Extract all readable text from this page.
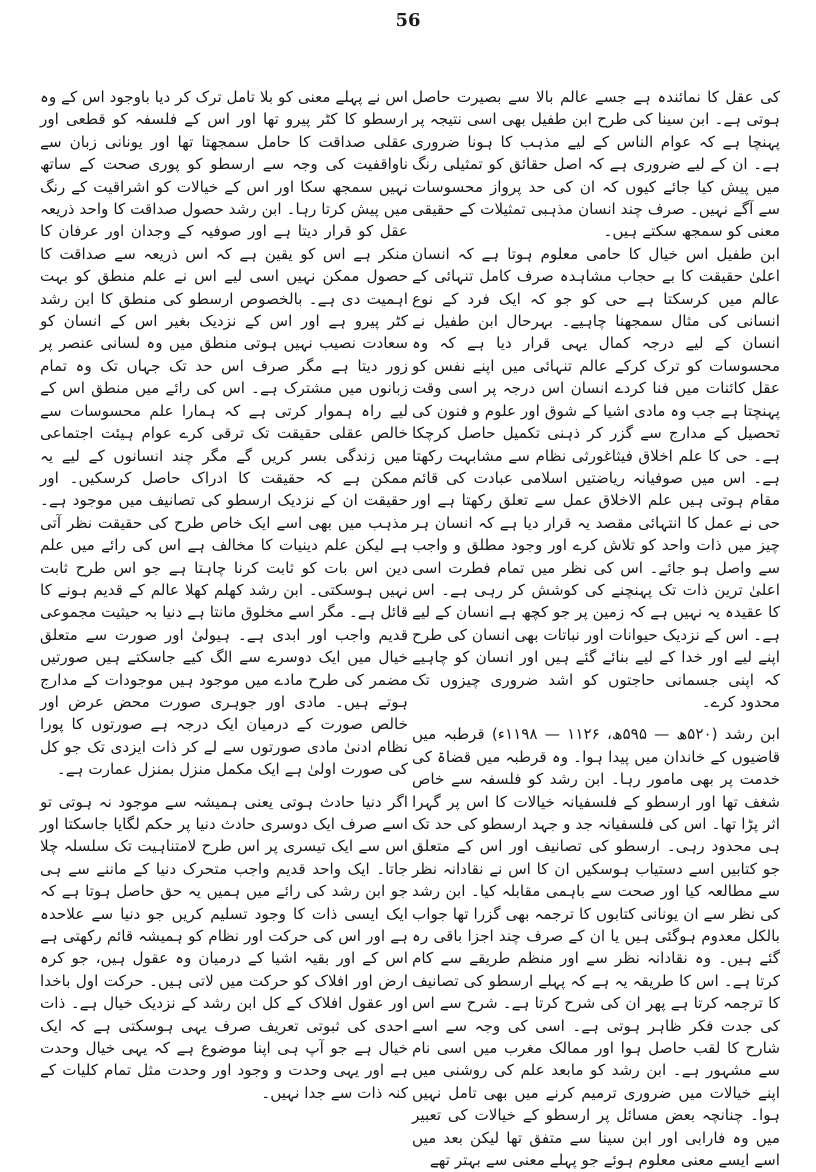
56

کی عقل کا نمائندہ ہے جسے عالم بالا سے بصیرت حاصل ہوتی ہے۔ ابن سینا کی طرح ابن طفیل بھی اسی نتیجہ پر پہنچا ہے کہ عوام الناس کے لیے مذہب کا ہونا ضروری ہے۔ ان کے لیے ضروری ہے کہ اصل حقائق کو تمثیلی رنگ میں پیش کیا جائے کیوں کہ ان کی حد پرواز محسوسات سے آگے نہیں۔ صرف چند انسان مذہبی تمثیلات کے حقیقی معنی کو سمجھ سکتے ہیں۔

ابن طفیل اس خیال کا حامی معلوم ہوتا ہے کہ انسان اعلیٰ حقیقت کا بے حجاب مشاہدہ صرف کامل تنہائی کے عالم میں کرسکتا ہے حی کو جو کہ ایک فرد کے نوع انسانی کی مثال سمجھنا چاہیے۔ بہرحال ابن طفیل نے انسان کے لیے درجہ کمال یہی قرار دیا ہے کہ وہ محسوسات کو ترک کرکے عالم تنہائی میں اپنے نفس کو عقل کائنات میں فنا کردے انسان اس درجہ پر اسی وقت پہنچتا ہے جب وہ مادی اشیا کے شوق اور علوم و فنون کی تحصیل کے مدارج سے گزر کر ذہنی تکمیل حاصل کرچکا ہے۔ حی کا علم اخلاق فیثاغورثی نظام سے مشابہت رکھتا ہے۔ اس میں صوفیانہ ریاضتیں اسلامی عبادت کی قائم مقام ہوتی ہیں علم الاخلاق عمل سے تعلق رکھتا ہے اور حی نے عمل کا انتہائی مقصد یہ قرار دیا ہے کہ انسان ہر چیز میں ذات واحد کو تلاش کرے اور وجود مطلق و واجب سے واصل ہو جائے۔ اس کی نظر میں تمام فطرت اسی اعلیٰ ترین ذات تک پہنچنے کی کوشش کر رہی ہے۔ اس کا عقیدہ یہ نہیں ہے کہ زمین پر جو کچھ ہے انسان کے لیے ہے۔ اس کے نزدیک حیوانات اور نباتات بھی انسان کی طرح اپنے لیے اور خدا کے لیے بنائے گئے ہیں اور انسان کو چاہیے کہ اپنی جسمانی حاجتوں کو اشد ضروری چیزوں تک محدود کرے۔

ابن رشد (۵۲۰ھ — ۵۹۵ھ، ۱۱۲۶ — ۱۱۹۸ء) قرطبہ میں قاضیوں کے خاندان میں پیدا ہوا۔ وہ قرطبہ میں قضاۃ کی خدمت پر بھی مامور رہا۔ ابن رشد کو فلسفہ سے خاص شغف تھا اور ارسطو کے فلسفیانہ خیالات کا اس پر گہرا اثر پڑا تھا۔ اس کی فلسفیانہ جد و جہد ارسطو کی حد تک ہی محدود رہی۔ ارسطو کی تصانیف اور اس کے متعلق جو کتابیں اسے دستیاب ہوسکیں ان کا اس نے نقادانہ نظر سے مطالعہ کیا اور صحت سے باہمی مقابلہ کیا۔ ابن رشد کی نظر سے ان یونانی کتابوں کا ترجمہ بھی گزرا تھا جواب بالکل معدوم ہوگئی ہیں یا ان کے صرف چند اجزا باقی رہ گئے ہیں۔ وہ نقادانہ نظر سے اور منظم طریقے سے کام کرتا ہے۔ اس کا طریقہ یہ ہے کہ پہلے ارسطو کی تصانیف کا ترجمہ کرتا ہے پھر ان کی شرح کرتا ہے۔ شرح سے اس کی جدت فکر ظاہر ہوتی ہے۔ اسی کی وجہ سے اسے شارح کا لقب حاصل ہوا اور ممالک مغرب میں اسی نام سے مشہور ہے۔ ابن رشد کو مابعد علم کی روشنی میں اپنے خیالات میں ضروری ترمیم کرنے میں بھی تامل نہیں ہوا۔ چنانچہ بعض مسائل پر ارسطو کے خیالات کی تعبیر میں وہ فارابی اور ابن سینا سے متفق تھا لیکن بعد میں اسے ایسے معنی معلوم ہوئے جو پہلے معنی سے بہتر تھے

اس نے پہلے معنی کو بلا تامل ترک کر دیا باوجود اس کے وہ ارسطو کا کٹر پیرو تھا اور اس کے فلسفہ کو قطعی اور عقلی صداقت کا حامل سمجھتا تھا اور یونانی زبان سے ناواقفیت کی وجہ سے ارسطو کو پوری صحت کے ساتھ نہیں سمجھ سکا اور اس کے خیالات کو اشراقیت کے رنگ میں پیش کرتا رہا۔ ابن رشد حصول صداقت کا واحد ذریعہ عقل کو قرار دیتا ہے اور صوفیہ کے وجدان اور عرفان کا منکر ہے اس کو یقین ہے کہ اس ذریعہ سے صداقت کا حصول ممکن نہیں اسی لیے اس نے علم منطق کو بہت اہمیت دی ہے۔ بالخصوص ارسطو کی منطق کا ابن رشد کٹر پیرو ہے اور اس کے نزدیک بغیر اس کے انسان کو سعادت نصیب نہیں ہوتی منطق میں وہ لسانی عنصر پر زور دیتا ہے مگر صرف اس حد تک جہاں تک وہ تمام زبانوں میں مشترک ہے۔ اس کی رائے میں منطق اس کے لیے راہ ہموار کرتی ہے کہ ہمارا علم محسوسات سے خالص عقلی حقیقت تک ترقی کرے عوام ہیئت اجتماعی میں زندگی بسر کریں گے مگر چند انسانوں کے لیے یہ ممکن ہے کہ حقیقت کا ادراک حاصل کرسکیں۔ اور حقیقت ان کے نزدیک ارسطو کی تصانیف میں موجود ہے۔ مذہب میں بھی اسے ایک خاص طرح کی حقیقت نظر آتی ہے لیکن علم دینیات کا مخالف ہے اس کی رائے میں علم دین اس بات کو ثابت کرنا چاہتا ہے جو اس طرح ثابت نہیں ہوسکتی۔ ابن رشد کھلم کھلا عالم کے قدیم ہونے کا قائل ہے۔ مگر اسے مخلوق مانتا ہے دنیا بہ حیثیت مجموعی قدیم واجب اور ابدی ہے۔ ہیولیٰ اور صورت سے متعلق خیال میں ایک دوسرے سے الگ کیے جاسکتے ہیں صورتیں مضمر کی طرح مادے میں موجود ہیں موجودات کے مدارج ہوتے ہیں۔ مادی اور جوہری صورت محض عرض اور خالص صورت کے درمیان ایک درجہ ہے صورتوں کا پورا نظام ادنیٰ مادی صورتوں سے لے کر ذات ایزدی تک جو کل کی صورت اولیٰ ہے ایک مکمل منزل بمنزل عمارت ہے۔

اگر دنیا حادث ہوتی یعنی ہمیشہ سے موجود نہ ہوتی تو اسے صرف ایک دوسری حادث دنیا پر حکم لگایا جاسکتا اور اس سے ایک تیسری پر اس طرح لامتناہیت تک سلسلہ چلا جاتا۔ ایک واحد قدیم واجب متحرک دنیا کے ماننے سے ہی جو ابن رشد کی رائے میں ہمیں یہ حق حاصل ہوتا ہے کہ ایک ایسی ذات کا وجود تسلیم کریں جو دنیا سے علاحدہ ہے اور اس کی حرکت اور نظام کو ہمیشہ قائم رکھتی ہے اس کے اور بقیہ اشیا کے درمیان وہ عقول ہیں، جو کرہ ارض اور افلاک کو حرکت میں لاتی ہیں۔ حرکت اول باخدا اور عقول افلاک کے کل ابن رشد کے نزدیک خیال ہے۔ ذات احدی کی ثبوتی تعریف صرف یہی ہوسکتی ہے کہ ایک خیال ہے جو آپ ہی اپنا موضوع ہے کہ یہی خیال وحدت ہے اور یہی وحدت و وجود اور وحدت مثل تمام کلیات کے کنہ ذات سے جدا نہیں۔
